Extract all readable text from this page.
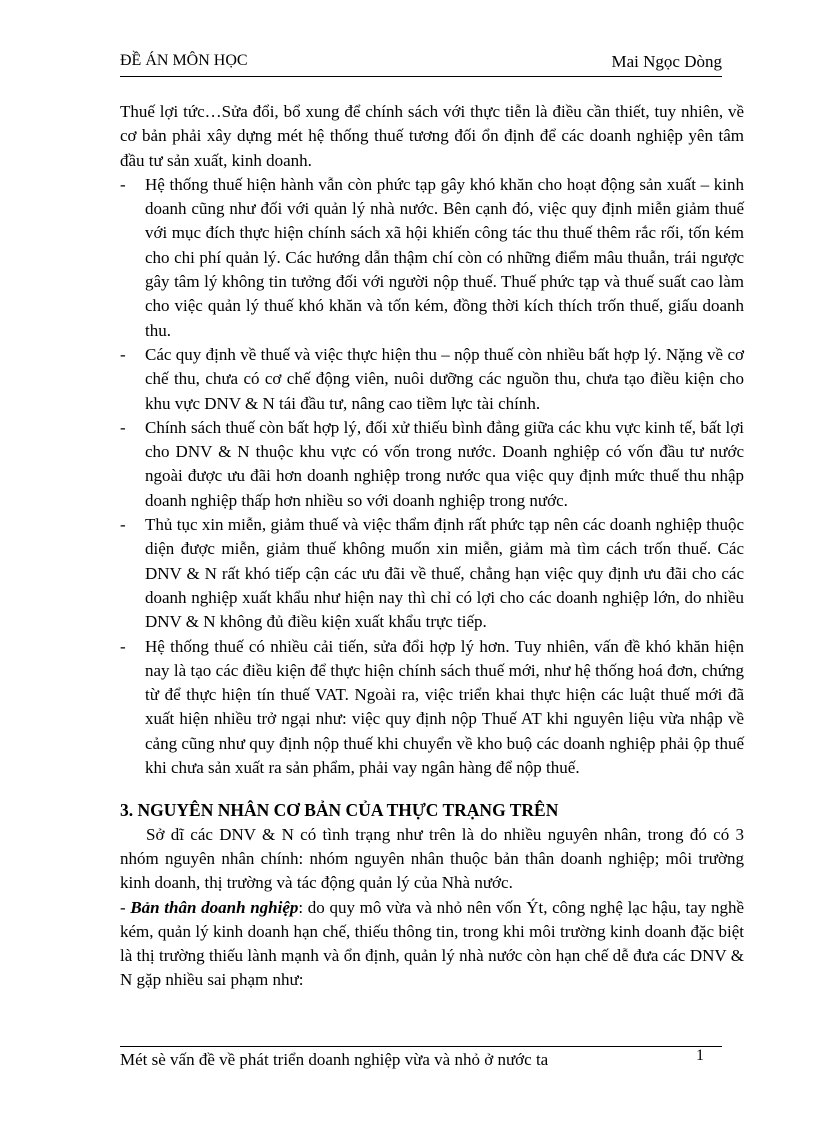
ĐỀ ÁN MÔN HỌC	Mai Ngọc Dòng

Thuế lợi tức…Sửa đổi, bổ xung để chính sách với thực tiễn là điều cần thiết, tuy nhiên, về cơ bản phải xây dựng mét hệ thống thuế tương đối ổn định để các doanh nghiệp yên tâm đầu tư sản xuất, kinh doanh.

- Hệ thống thuế hiện hành vẫn còn phức tạp gây khó khăn cho hoạt động sản xuất – kinh doanh cũng như đối với quản lý nhà nước. Bên cạnh đó, việc quy định miễn giảm thuế với mục đích thực hiện chính sách xã hội khiến công tác thu thuế thêm rắc rối, tốn kém cho chi phí quản lý. Các hướng dẫn thậm chí còn có những điểm mâu thuẫn, trái ngược gây tâm lý không tin tưởng đối với người nộp thuế. Thuế phức tạp và thuế suất cao làm cho việc quản lý thuế khó khăn và tốn kém, đồng thời kích thích trốn thuế, giấu doanh thu.
- Các quy định về thuế và việc thực hiện thu – nộp thuế còn nhiều bất hợp lý. Nặng về cơ chế thu, chưa có cơ chế động viên, nuôi dưỡng các nguồn thu, chưa tạo điều kiện cho khu vực DNV & N tái đầu tư, nâng cao tiềm lực tài chính.
- Chính sách thuế còn bất hợp lý, đối xử thiếu bình đẳng giữa các khu vực kinh tế, bất lợi cho DNV & N thuộc khu vực có vốn trong nước. Doanh nghiệp có vốn đầu tư nước ngoài được ưu đãi hơn doanh nghiệp trong nước qua việc quy định mức thuế thu nhập doanh nghiệp thấp hơn nhiều so với doanh nghiệp trong nước.
- Thủ tục xin miễn, giảm thuế và việc thẩm định rất phức tạp nên các doanh nghiệp thuộc diện được miễn, giảm thuế không muốn xin miễn, giảm mà tìm cách trốn thuế. Các DNV & N rất khó tiếp cận các ưu đãi về thuế, chẳng hạn việc quy định ưu đãi cho các doanh nghiệp xuất khẩu như hiện nay thì chỉ có lợi cho các doanh nghiệp lớn, do nhiều DNV & N không đủ điều kiện xuất khẩu trực tiếp.
- Hệ thống thuế có nhiều cải tiến, sửa đổi hợp lý hơn. Tuy nhiên, vấn đề khó khăn hiện nay là tạo các điều kiện để thực hiện chính sách thuế mới, như hệ thống hoá đơn, chứng từ để thực hiện tín thuế VAT. Ngoài ra, việc triển khai thực hiện các luật thuế mới đã xuất hiện nhiều trở ngại như: việc quy định nộp Thuế AT khi nguyên liệu vừa nhập về cảng cũng như quy định nộp thuế khi chuyển về kho buộ các doanh nghiệp phải ộp thuế khi chưa sản xuất ra sản phẩm, phải vay ngân hàng để nộp thuế.

3. NGUYÊN NHÂN CƠ BẢN CỦA THỰC TRẠNG TRÊN

Sở dĩ các DNV & N có tình trạng như trên là do nhiều nguyên nhân, trong đó có 3 nhóm nguyên nhân chính: nhóm nguyên nhân thuộc bản thân doanh nghiệp; môi trường kinh doanh, thị trường và tác động quản lý của Nhà nước.

- Bản thân doanh nghiệp: do quy mô vừa và nhỏ nên vốn Ýt, công nghệ lạc hậu, tay nghề kém, quản lý kinh doanh hạn chế, thiếu thông tin, trong khi môi trường kinh doanh đặc biệt là thị trường thiếu lành mạnh và ổn định, quản lý nhà nước còn hạn chế dễ đưa các DNV & N gặp nhiều sai phạm như:

Mét sè vấn đề về phát triển doanh nghiệp vừa và nhỏ ở nước ta	1
